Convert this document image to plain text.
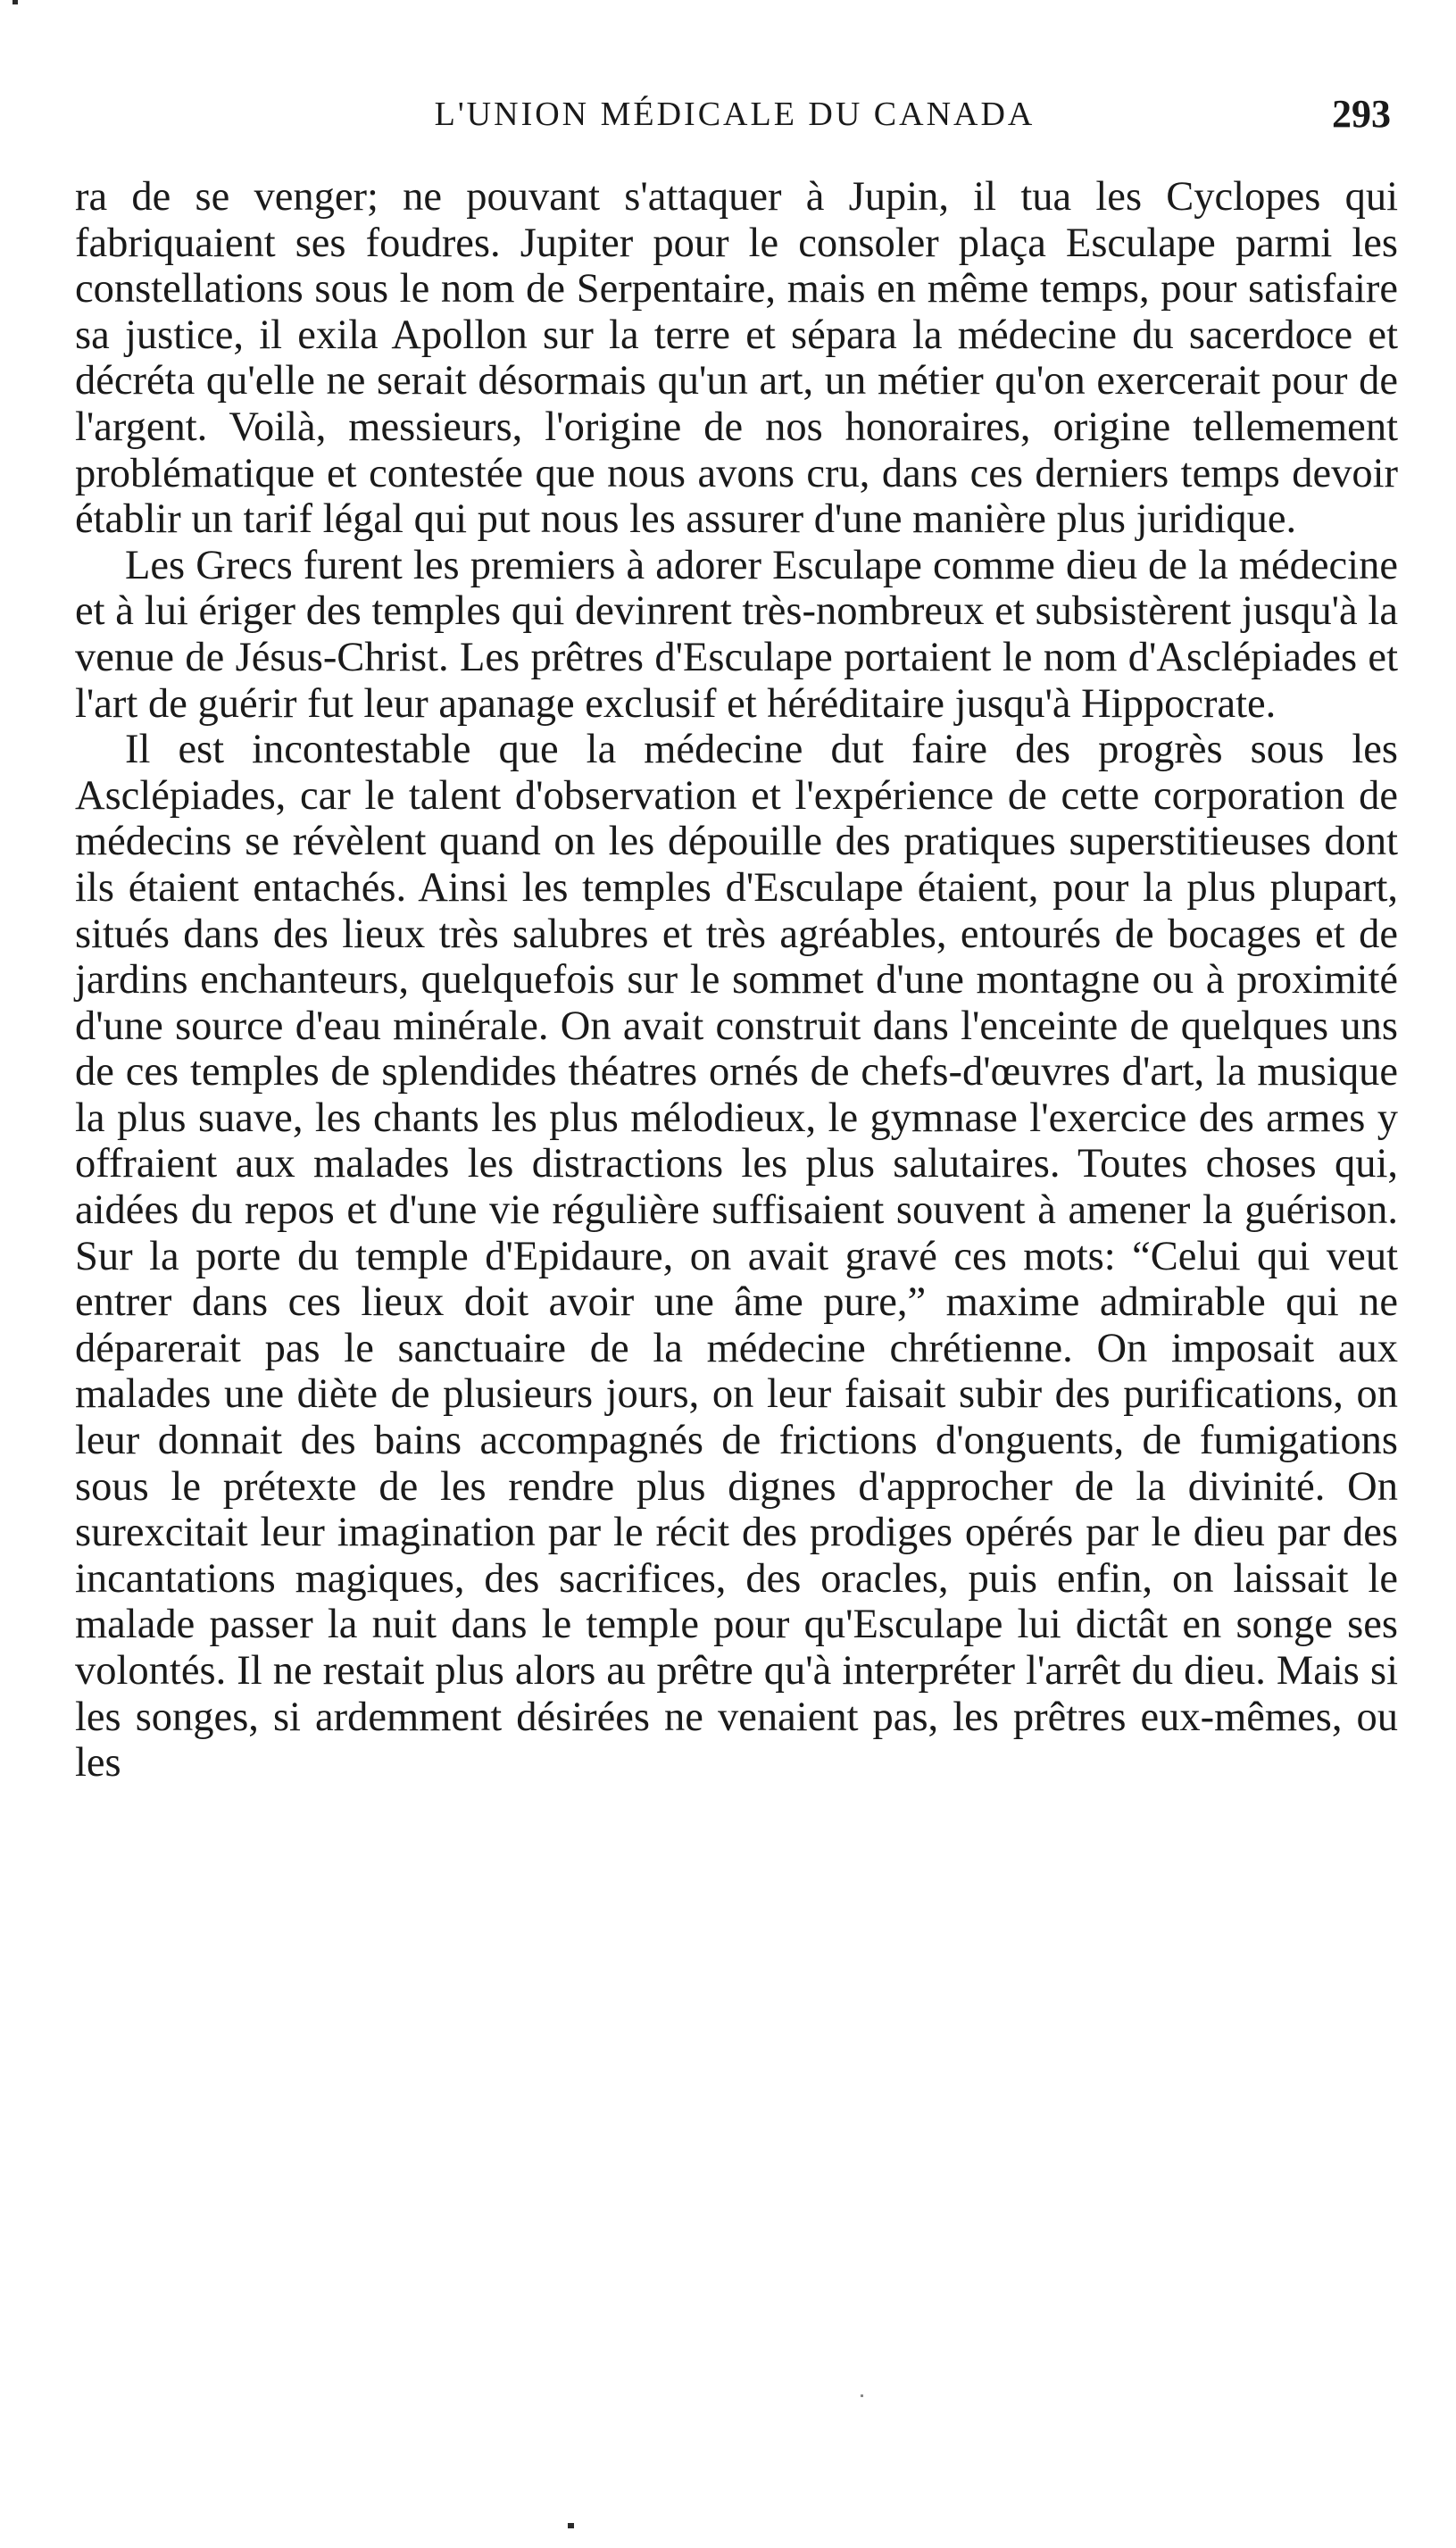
L'UNION MÉDICALE DU CANADA	293

ra de se venger; ne pouvant s'attaquer à Jupin, il tua les Cyclopes qui fabriquaient ses foudres. Jupiter pour le consoler plaça Esculape parmi les constellations sous le nom de Serpentaire, mais en même temps, pour satisfaire sa justice, il exila Apollon sur la terre et sépara la médecine du sacerdoce et décréta qu'elle ne serait désormais qu'un art, un métier qu'on exercerait pour de l'argent. Voilà, messieurs, l'origine de nos honoraires, origine tellemement problématique et contestée que nous avons cru, dans ces derniers temps devoir établir un tarif légal qui put nous les assurer d'une manière plus juridique.

Les Grecs furent les premiers à adorer Esculape comme dieu de la médecine et à lui ériger des temples qui devinrent très-nombreux et subsistèrent jusqu'à la venue de Jésus-Christ. Les prêtres d'Esculape portaient le nom d'Asclépiades et l'art de guérir fut leur apanage exclusif et héréditaire jusqu'à Hippocrate.

Il est incontestable que la médecine dut faire des progrès sous les Asclépiades, car le talent d'observation et l'expérience de cette corporation de médecins se révèlent quand on les dépouille des pratiques superstitieuses dont ils étaient entachés. Ainsi les temples d'Esculape étaient, pour la plus plupart, situés dans des lieux très salubres et très agréables, entourés de bocages et de jardins enchanteurs, quelquefois sur le sommet d'une montagne ou à proximité d'une source d'eau minérale. On avait construit dans l'enceinte de quelques uns de ces temples de splendides théatres ornés de chefs-d'œuvres d'art, la musique la plus suave, les chants les plus mélodieux, le gymnase l'exercice des armes y offraient aux malades les distractions les plus salutaires. Toutes choses qui, aidées du repos et d'une vie régulière suffisaient souvent à amener la guérison. Sur la porte du temple d'Epidaure, on avait gravé ces mots: “Celui qui veut entrer dans ces lieux doit avoir une âme pure,” maxime admirable qui ne déparerait pas le sanctuaire de la médecine chrétienne. On imposait aux malades une diète de plusieurs jours, on leur faisait subir des purifications, on leur donnait des bains accompagnés de frictions d'onguents, de fumigations sous le prétexte de les rendre plus dignes d'approcher de la divinité. On surexcitait leur imagination par le récit des prodiges opérés par le dieu par des incantations magiques, des sacrifices, des oracles, puis enfin, on laissait le malade passer la nuit dans le temple pour qu'Esculape lui dictât en songe ses volontés. Il ne restait plus alors au prêtre qu'à interpréter l'arrêt du dieu. Mais si les songes, si ardemment désirées ne venaient pas, les prêtres eux-mêmes, ou les
